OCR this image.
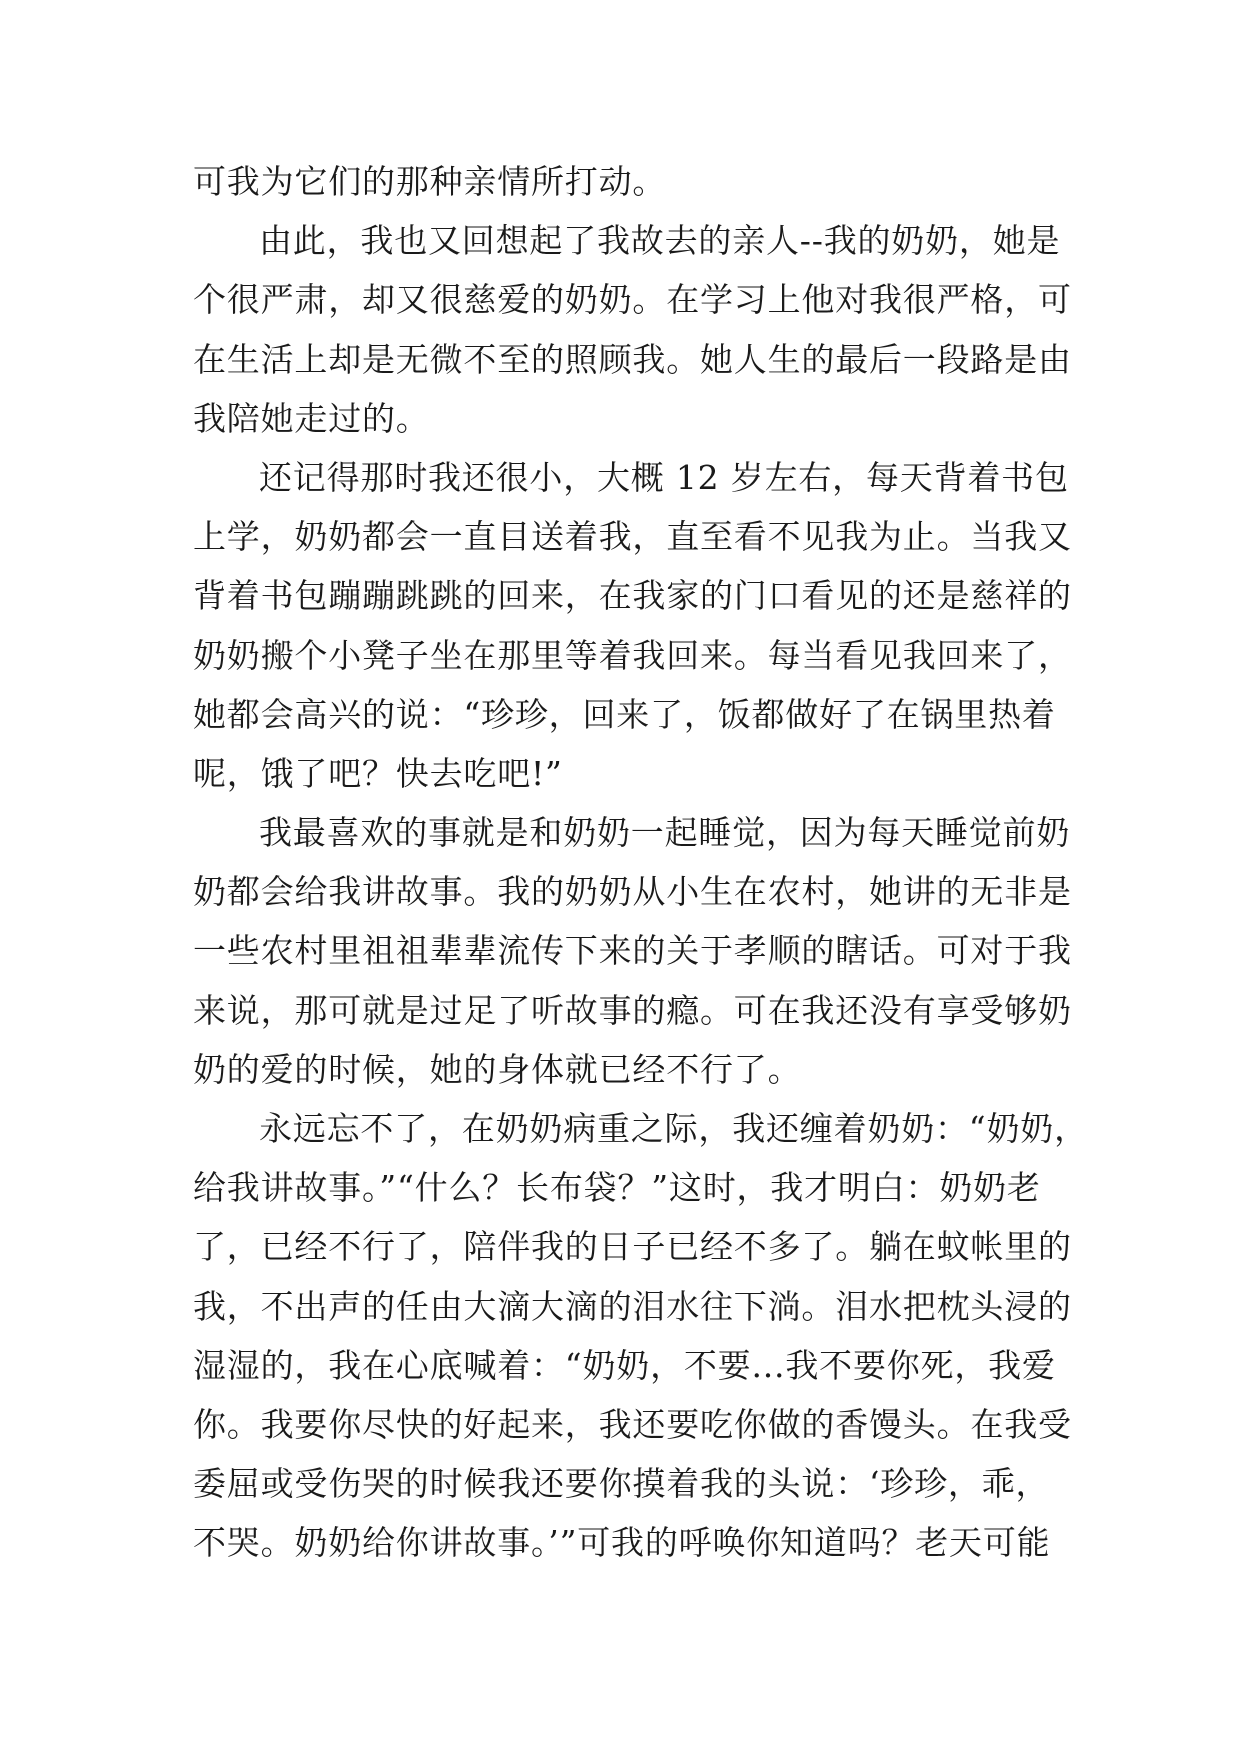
可我为它们的那种亲情所打动。
由此，我也又回想起了我故去的亲人--我的奶奶，她是
个很严肃，却又很慈爱的奶奶。在学习上他对我很严格，可
在生活上却是无微不至的照顾我。她人生的最后一段路是由
我陪她走过的。
还记得那时我还很小，大概 12 岁左右，每天背着书包
上学，奶奶都会一直目送着我，直至看不见我为止。当我又
背着书包蹦蹦跳跳的回来，在我家的门口看见的还是慈祥的
奶奶搬个小凳子坐在那里等着我回来。每当看见我回来了，
她都会高兴的说：“珍珍，回来了，饭都做好了在锅里热着
呢，饿了吧？快去吃吧!”
我最喜欢的事就是和奶奶一起睡觉，因为每天睡觉前奶
奶都会给我讲故事。我的奶奶从小生在农村，她讲的无非是
一些农村里祖祖辈辈流传下来的关于孝顺的瞎话。可对于我
来说，那可就是过足了听故事的瘾。可在我还没有享受够奶
奶的爱的时候，她的身体就已经不行了。
永远忘不了，在奶奶病重之际，我还缠着奶奶：“奶奶，
给我讲故事。”“什么？长布袋？”这时，我才明白：奶奶老
了，已经不行了，陪伴我的日子已经不多了。躺在蚊帐里的
我，不出声的任由大滴大滴的泪水往下淌。泪水把枕头浸的
湿湿的，我在心底喊着：“奶奶，不要...我不要你死，我爱
你。我要你尽快的好起来，我还要吃你做的香馒头。在我受
委屈或受伤哭的时候我还要你摸着我的头说：‘珍珍，乖，
不哭。奶奶给你讲故事。’”可我的呼唤你知道吗？老天可能
